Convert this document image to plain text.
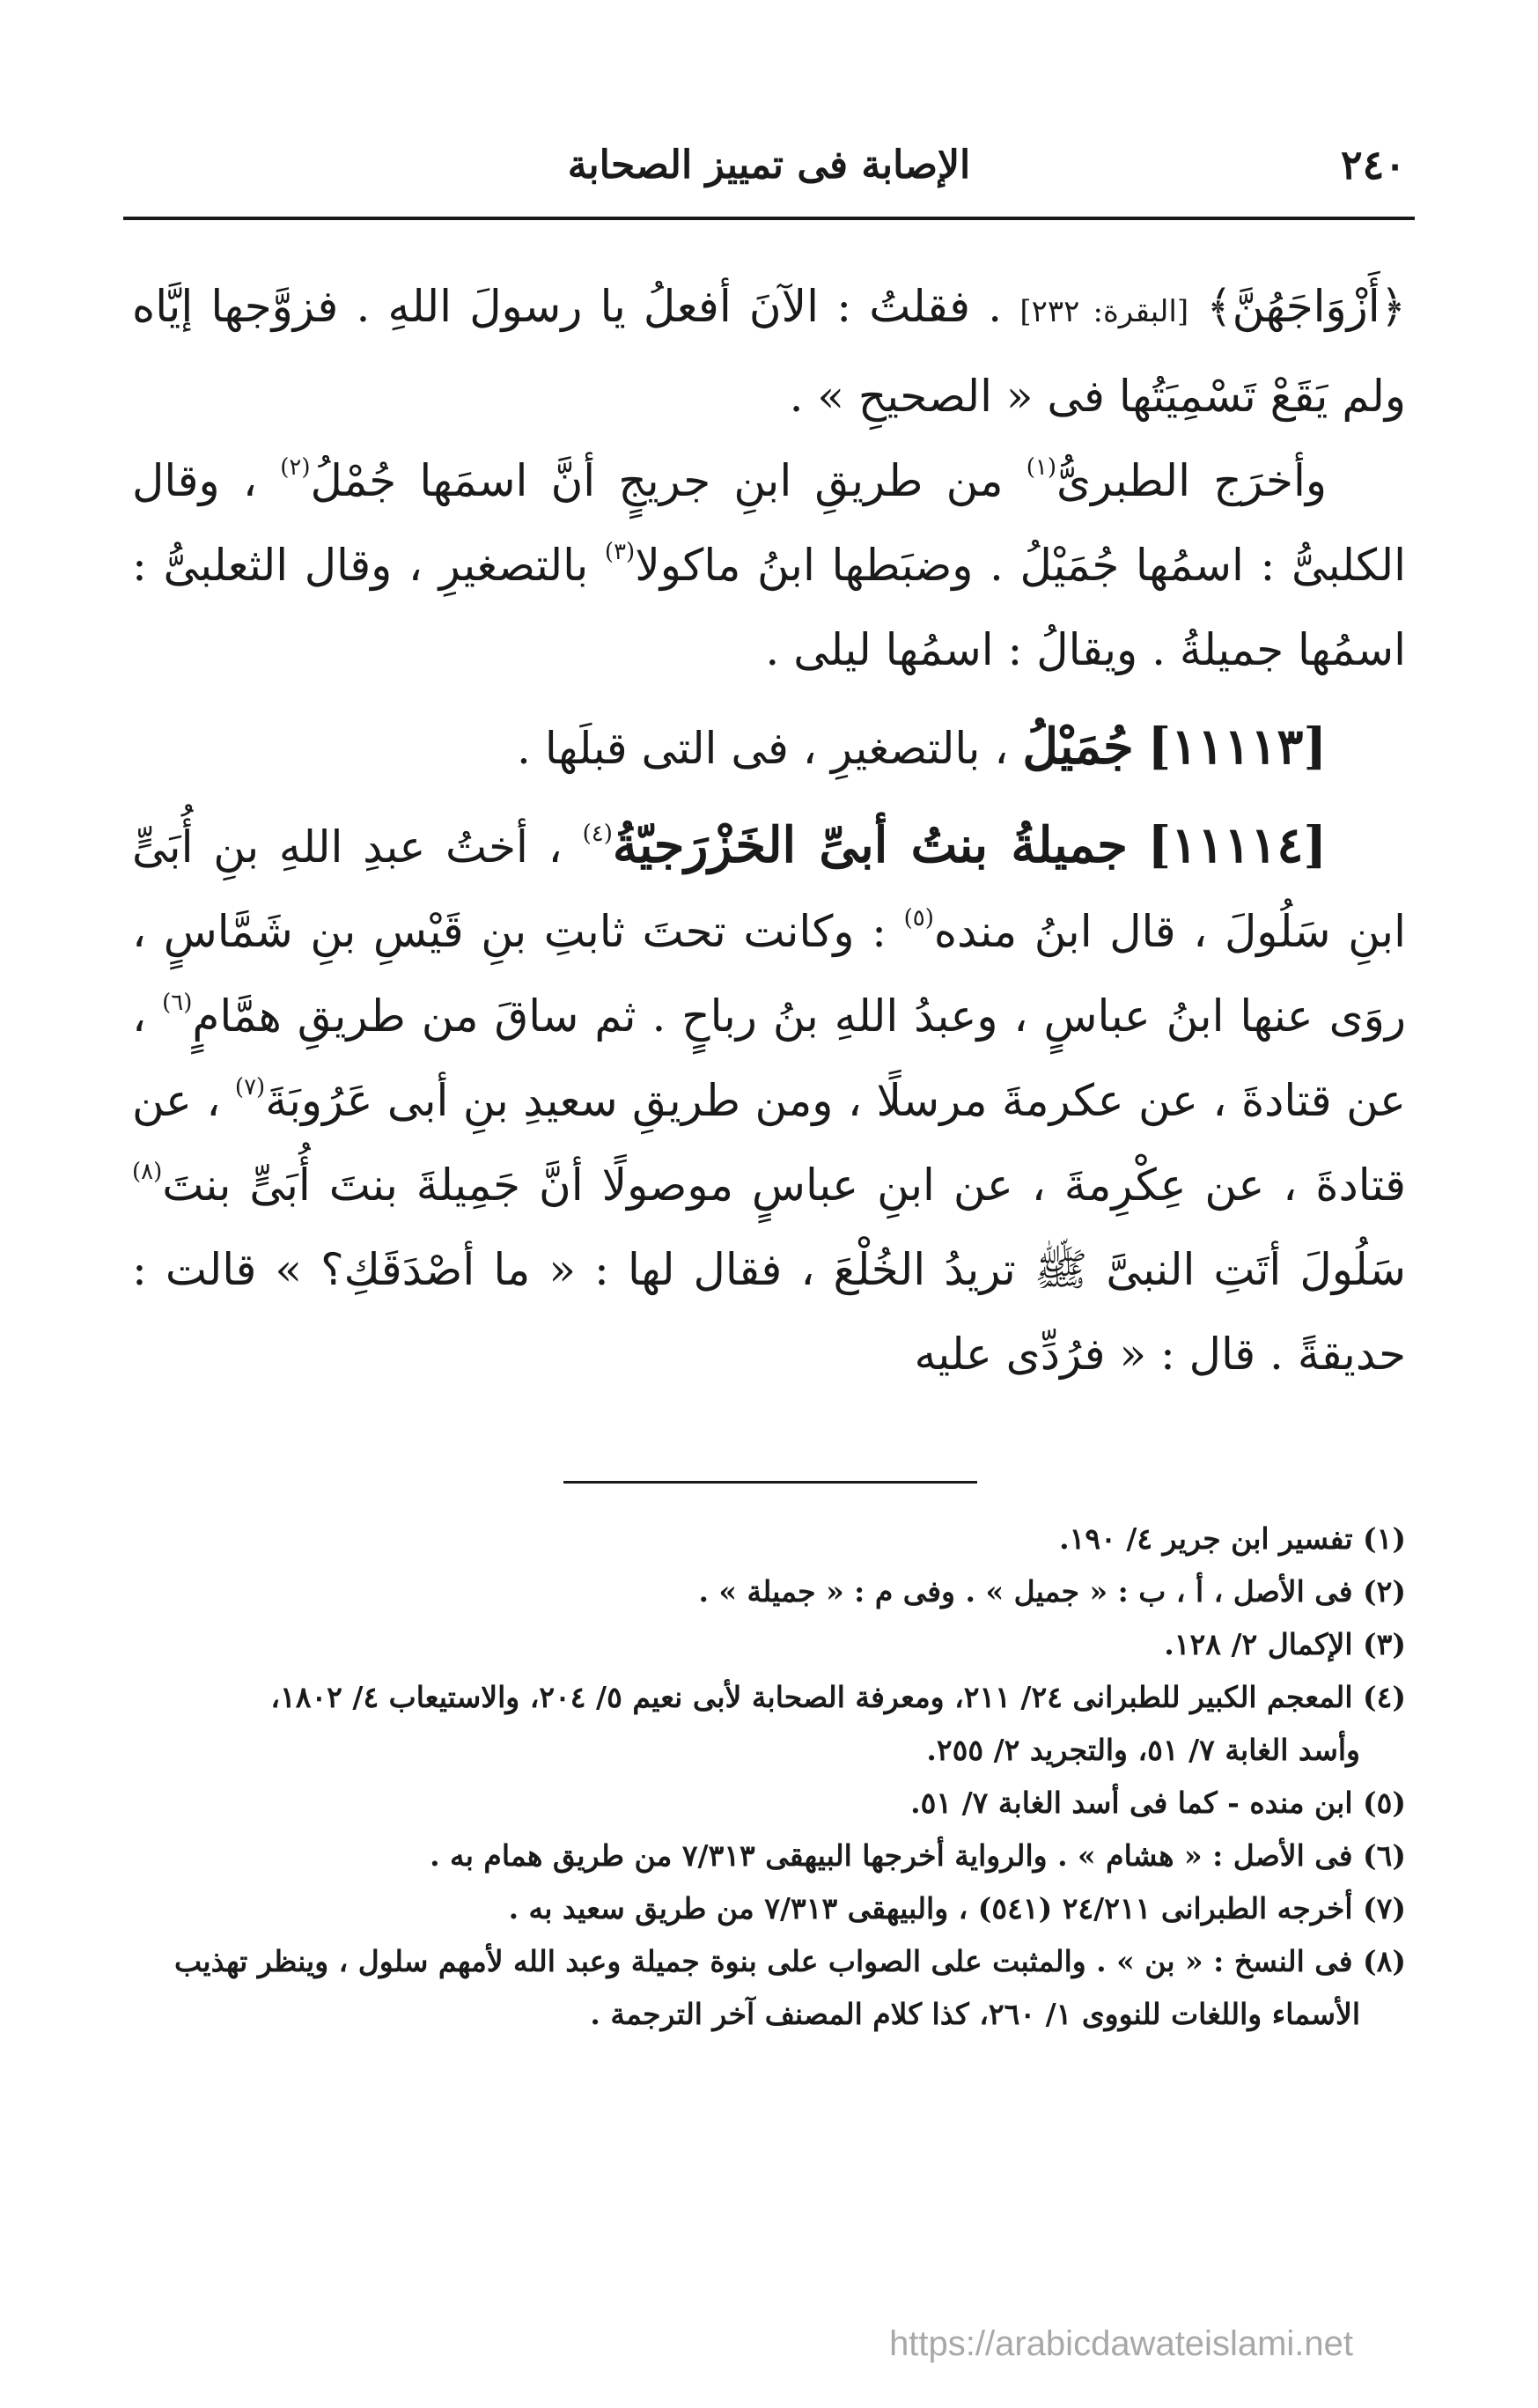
٢٤٠
الإصابة فى تمييز الصحابة

﴿أَزْوَاجَهُنَّ﴾ [البقرة: ٢٣٢] . فقلتُ : الآنَ أفعلُ يا رسولَ اللهِ . فزوَّجها إيَّاه ولم يَقَعْ تَسْمِيَتُها فى « الصحيحِ » .

وأخرَج الطبرىُّ$^{(١)}$ من طريقِ ابنِ جريجٍ أنَّ اسمَها جُمْلُ$^{(٢)}$ ، وقال الكلبىُّ : اسمُها جُمَيْلُ . وضبَطها ابنُ ماكولا$^{(٣)}$ بالتصغيرِ ، وقال الثعلبىُّ : اسمُها جميلةُ . ويقالُ : اسمُها ليلى .

[١١١١٣] جُمَيْلُ ، بالتصغيرِ ، فى التى قبلَها .

[١١١١٤] جميلةُ بنتُ أبىِّ الخَزْرَجيّةُ$^{(٤)}$ ، أختُ عبدِ اللهِ بنِ أُبَىٍّ ابنِ سَلُولَ ، قال ابنُ منده$^{(٥)}$ : وكانت تحتَ ثابتِ بنِ قَيْسِ بنِ شَمَّاسٍ ، روَى عنها ابنُ عباسٍ ، وعبدُ اللهِ بنُ رباحٍ . ثم ساقَ من طريقِ همَّامٍ$^{(٦)}$ ، عن قتادةَ ، عن عكرمةَ مرسلًا ، ومن طريقِ سعيدِ بنِ أبى عَرُوبَةَ$^{(٧)}$ ، عن قتادةَ ، عن عِكْرِمةَ ، عن ابنِ عباسٍ موصولًا أنَّ جَمِيلةَ بنتَ أُبَىٍّ بنتَ$^{(٨)}$ سَلُولَ أتَتِ النبىَّ ﷺ تريدُ الخُلْعَ ، فقال لها : « ما أصْدَقَكِ؟ » قالت : حديقةً . قال : « فرُدِّى عليه

(١) تفسير ابن جرير ٤/ ١٩٠.

(٢) فى الأصل ، أ ، ب : « جميل » . وفى م : « جميلة » .

(٣) الإكمال ٢/ ١٢٨.

(٤) المعجم الكبير للطبرانى ٢٤/ ٢١١، ومعرفة الصحابة لأبى نعيم ٥/ ٢٠٤، والاستيعاب ٤/ ١٨٠٢،

وأسد الغابة ٧/ ٥١، والتجريد ٢/ ٢٥٥.

(٥) ابن منده - كما فى أسد الغابة ٧/ ٥١.

(٦) فى الأصل : « هشام » . والرواية أخرجها البيهقى ٧/٣١٣ من طريق همام به .

(٧) أخرجه الطبرانى ٢٤/٢١١ (٥٤١) ، والبيهقى ٧/٣١٣ من طريق سعيد به .

(٨) فى النسخ : « بن » . والمثبت على الصواب على بنوة جميلة وعبد الله لأمهم سلول ، وينظر تهذيب

الأسماء واللغات للنووى ١/ ٢٦٠، كذا كلام المصنف آخر الترجمة .

https://arabicdawateislami.net
